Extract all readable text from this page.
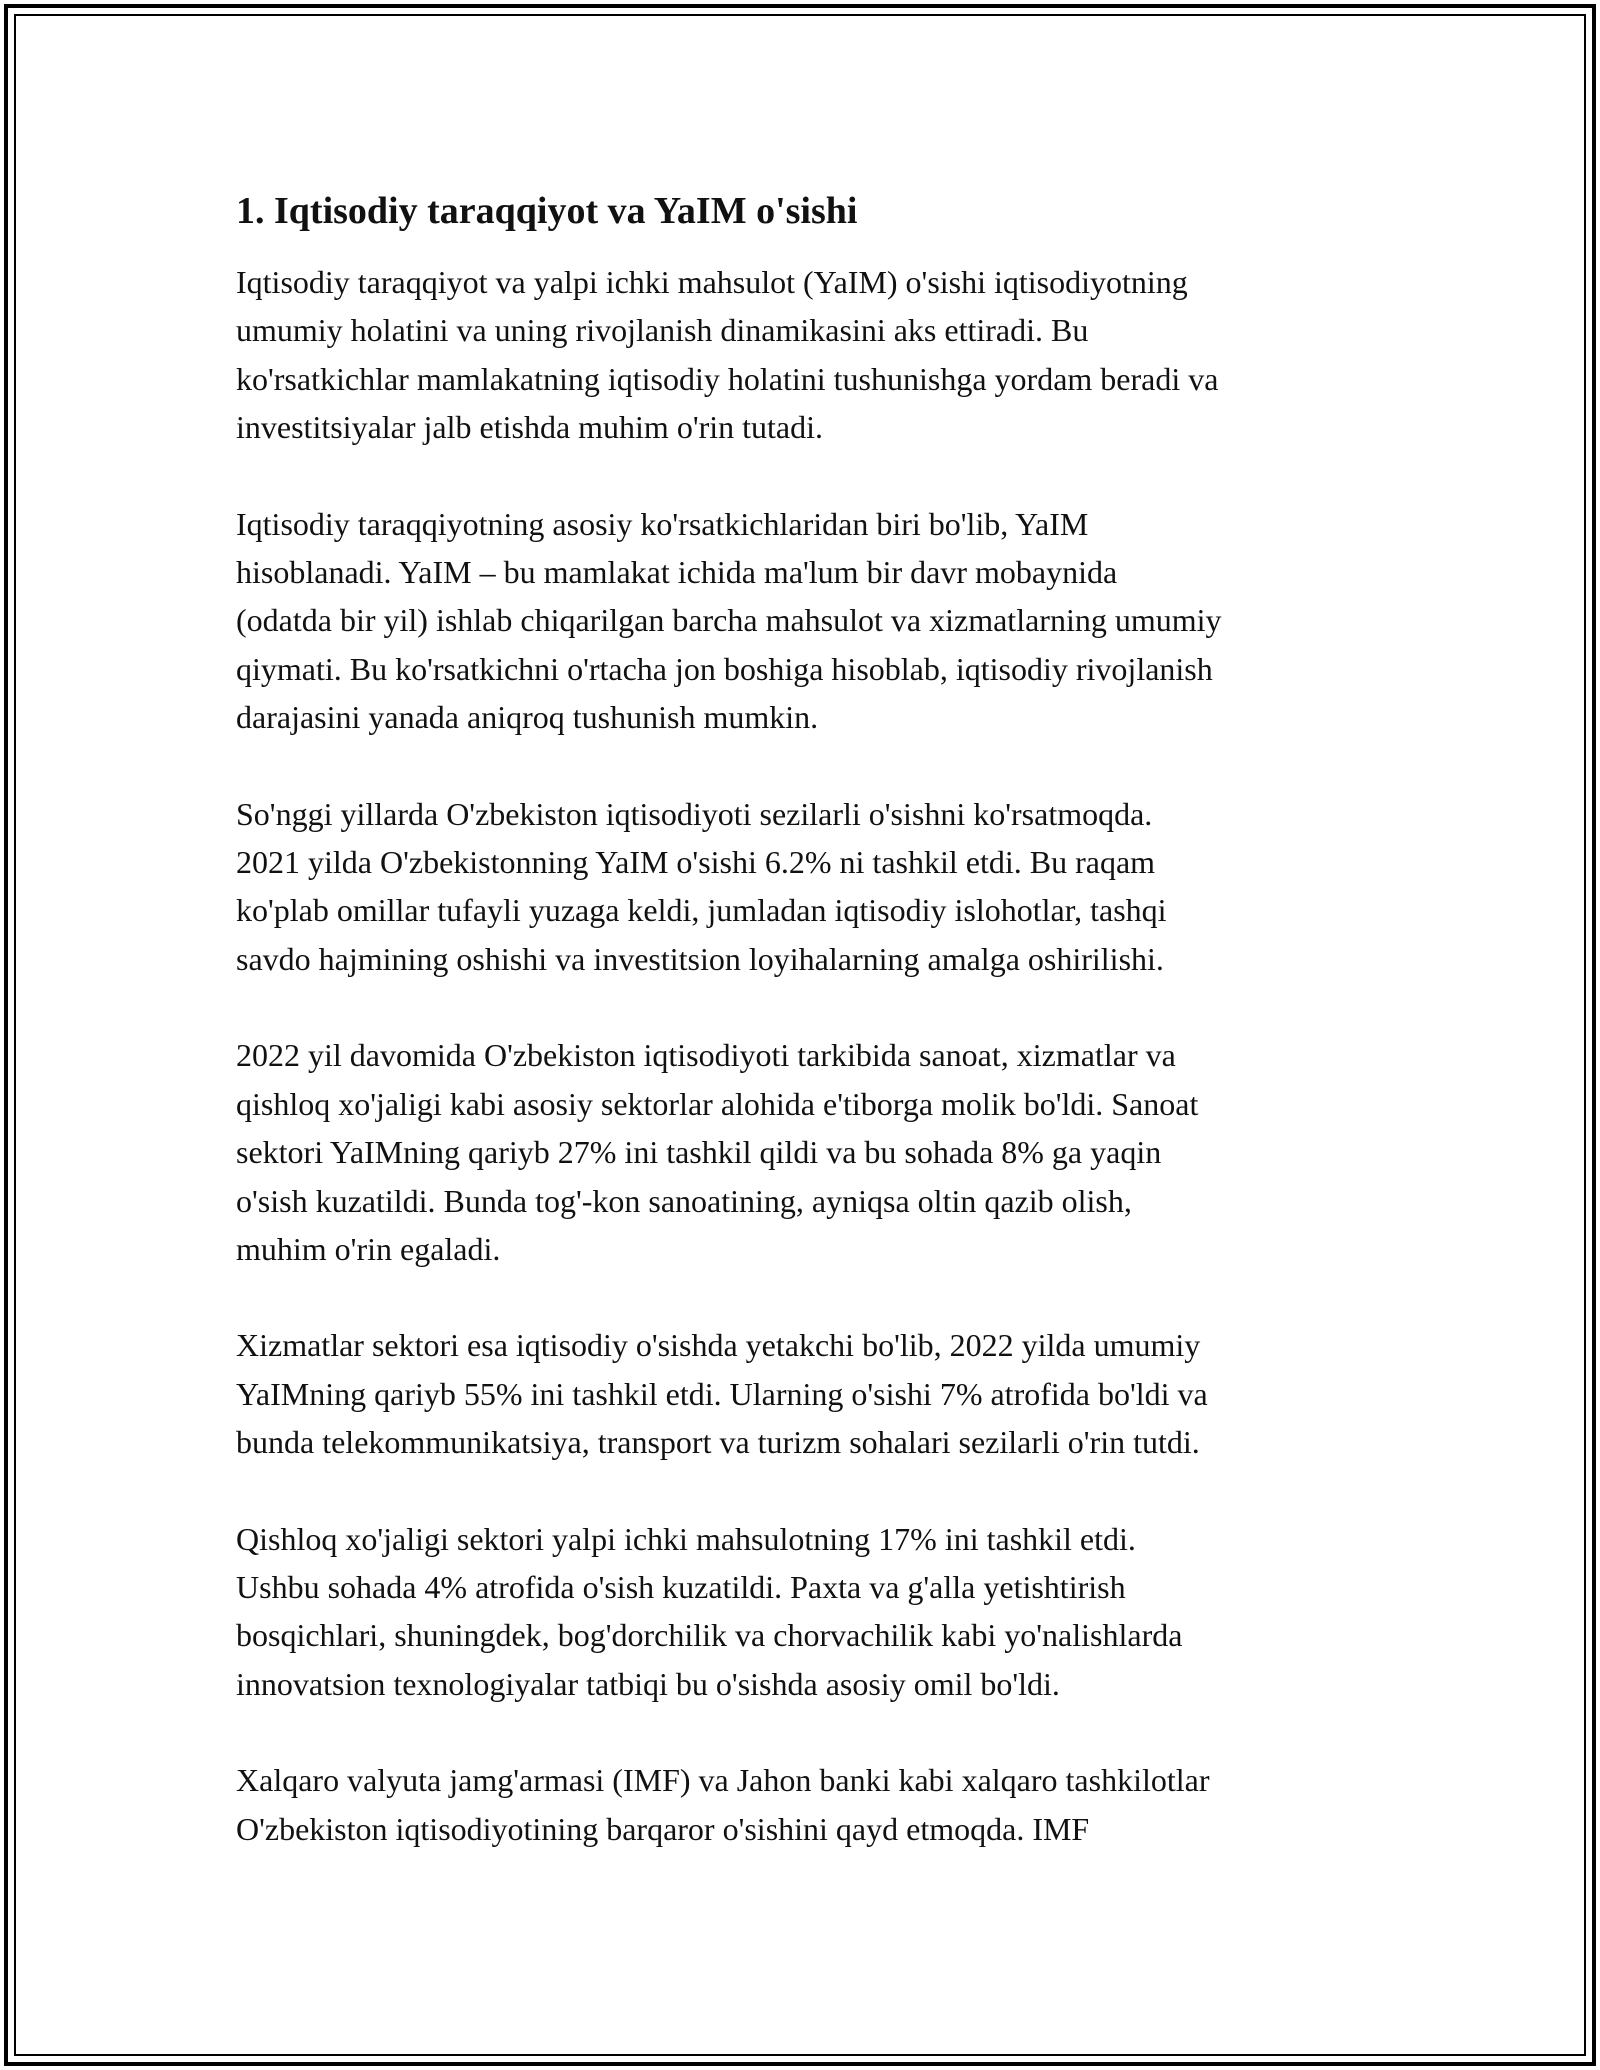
1. Iqtisodiy taraqqiyot va YaIM o'sishi

Iqtisodiy taraqqiyot va yalpi ichki mahsulot (YaIM) o'sishi iqtisodiyotning
umumiy holatini va uning rivojlanish dinamikasini aks ettiradi. Bu
ko'rsatkichlar mamlakatning iqtisodiy holatini tushunishga yordam beradi va
investitsiyalar jalb etishda muhim o'rin tutadi.

Iqtisodiy taraqqiyotning asosiy ko'rsatkichlaridan biri bo'lib, YaIM
hisoblanadi. YaIM – bu mamlakat ichida ma'lum bir davr mobaynida
(odatda bir yil) ishlab chiqarilgan barcha mahsulot va xizmatlarning umumiy
qiymati. Bu ko'rsatkichni o'rtacha jon boshiga hisoblab, iqtisodiy rivojlanish
darajasini yanada aniqroq tushunish mumkin.

So'nggi yillarda O'zbekiston iqtisodiyoti sezilarli o'sishni ko'rsatmoqda.
2021 yilda O'zbekistonning YaIM o'sishi 6.2% ni tashkil etdi. Bu raqam
ko'plab omillar tufayli yuzaga keldi, jumladan iqtisodiy islohotlar, tashqi
savdo hajmining oshishi va investitsion loyihalarning amalga oshirilishi.

2022 yil davomida O'zbekiston iqtisodiyoti tarkibida sanoat, xizmatlar va
qishloq xo'jaligi kabi asosiy sektorlar alohida e'tiborga molik bo'ldi. Sanoat
sektori YaIMning qariyb 27% ini tashkil qildi va bu sohada 8% ga yaqin
o'sish kuzatildi. Bunda tog'-kon sanoatining, ayniqsa oltin qazib olish,
muhim o'rin egaladi.

Xizmatlar sektori esa iqtisodiy o'sishda yetakchi bo'lib, 2022 yilda umumiy
YaIMning qariyb 55% ini tashkil etdi. Ularning o'sishi 7% atrofida bo'ldi va
bunda telekommunikatsiya, transport va turizm sohalari sezilarli o'rin tutdi.

Qishloq xo'jaligi sektori yalpi ichki mahsulotning 17% ini tashkil etdi.
Ushbu sohada 4% atrofida o'sish kuzatildi. Paxta va g'alla yetishtirish
bosqichlari, shuningdek, bog'dorchilik va chorvachilik kabi yo'nalishlarda
innovatsion texnologiyalar tatbiqi bu o'sishda asosiy omil bo'ldi.

Xalqaro valyuta jamg'armasi (IMF) va Jahon banki kabi xalqaro tashkilotlar
O'zbekiston iqtisodiyotining barqaror o'sishini qayd etmoqda. IMF
